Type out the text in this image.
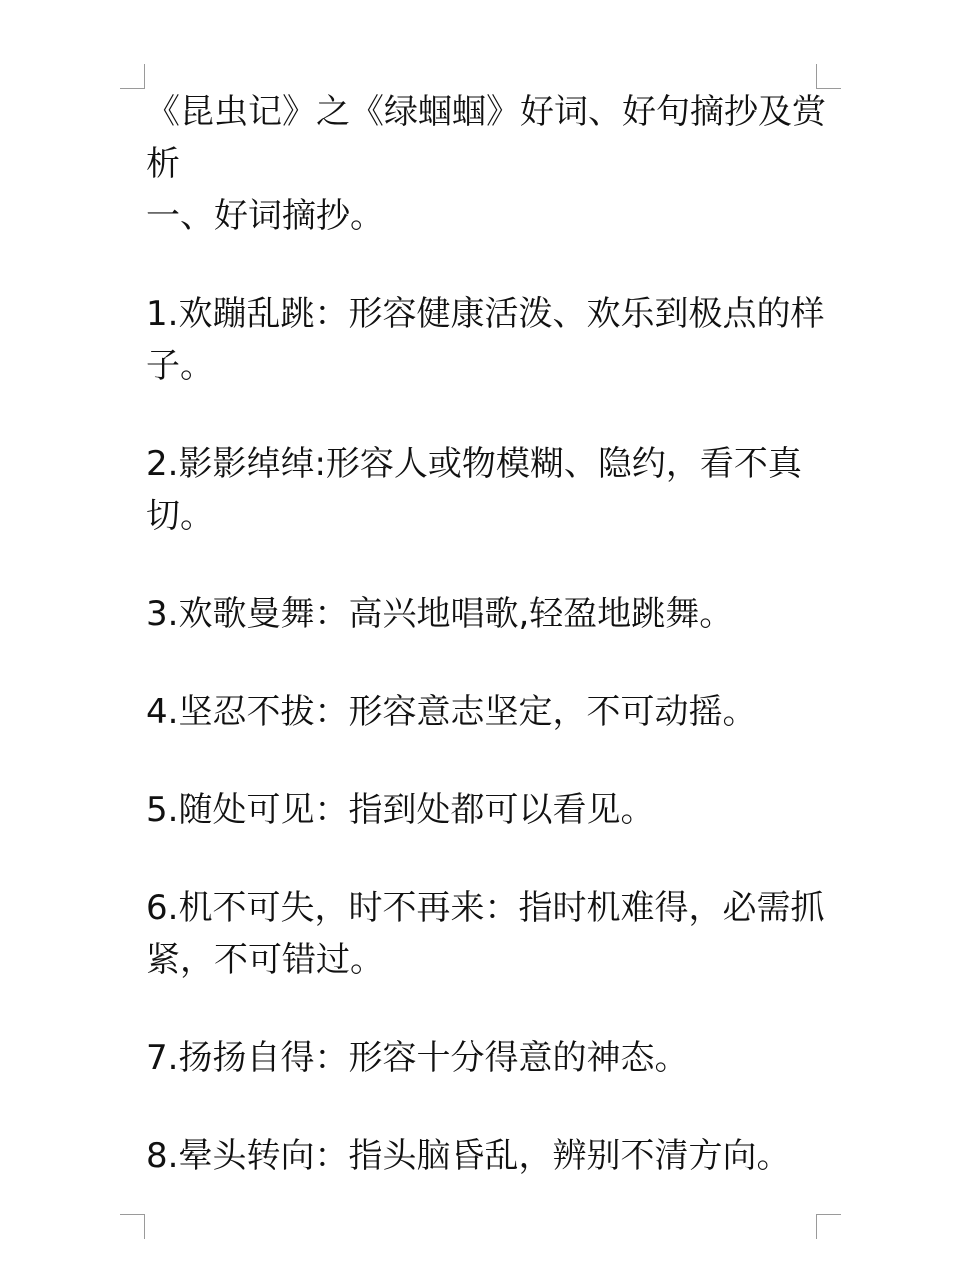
《昆虫记》之《绿蝈蝈》好词、好句摘抄及赏析
一、好词摘抄。

1.欢蹦乱跳：形容健康活泼、欢乐到极点的样子。

2.影影绰绰:形容人或物模糊、隐约，看不真切。

3.欢歌曼舞：高兴地唱歌,轻盈地跳舞。

4.坚忍不拔：形容意志坚定，不可动摇。

5.随处可见：指到处都可以看见。

6.机不可失，时不再来：指时机难得，必需抓紧，不可错过。

7.扬扬自得：形容十分得意的神态。

8.晕头转向：指头脑昏乱，辨别不清方向。
